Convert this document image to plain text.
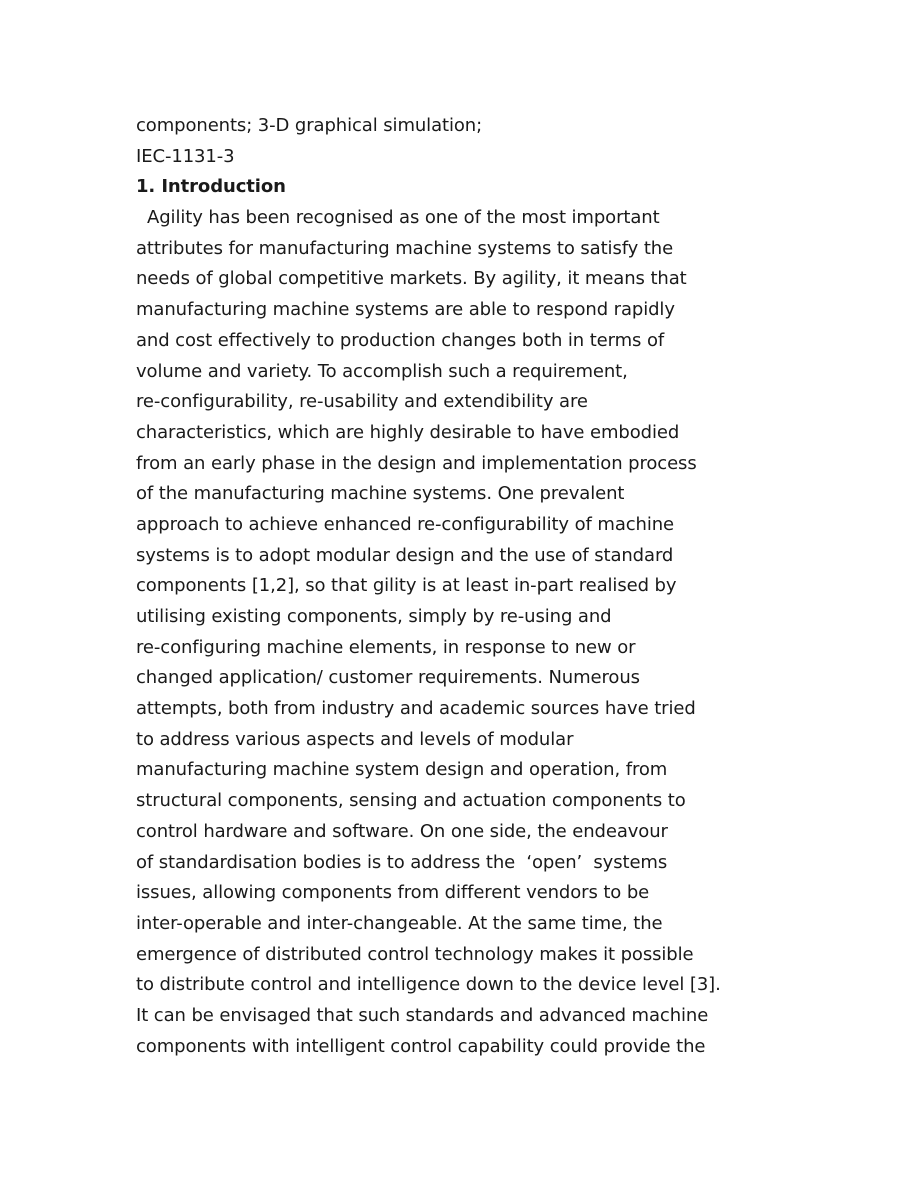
components; 3-D graphical simulation;
IEC-1131-3
1. Introduction
Agility has been recognised as one of the most important
attributes for manufacturing machine systems to satisfy the
needs of global competitive markets. By agility, it means that
manufacturing machine systems are able to respond rapidly
and cost effectively to production changes both in terms of
volume and variety. To accomplish such a requirement,
re-configurability, re-usability and extendibility are
characteristics, which are highly desirable to have embodied
from an early phase in the design and implementation process
of the manufacturing machine systems. One prevalent
approach to achieve enhanced re-configurability of machine
systems is to adopt modular design and the use of standard
components [1,2], so that gility is at least in-part realised by
utilising existing components, simply by re-using and
re-configuring machine elements, in response to new or
changed application/ customer requirements. Numerous
attempts, both from industry and academic sources have tried
to address various aspects and levels of modular
manufacturing machine system design and operation, from
structural components, sensing and actuation components to
control hardware and software. On one side, the endeavour
of standardisation bodies is to address the  ‘open’  systems
issues, allowing components from different vendors to be
inter-operable and inter-changeable. At the same time, the
emergence of distributed control technology makes it possible
to distribute control and intelligence down to the device level [3].
It can be envisaged that such standards and advanced machine
components with intelligent control capability could provide the
